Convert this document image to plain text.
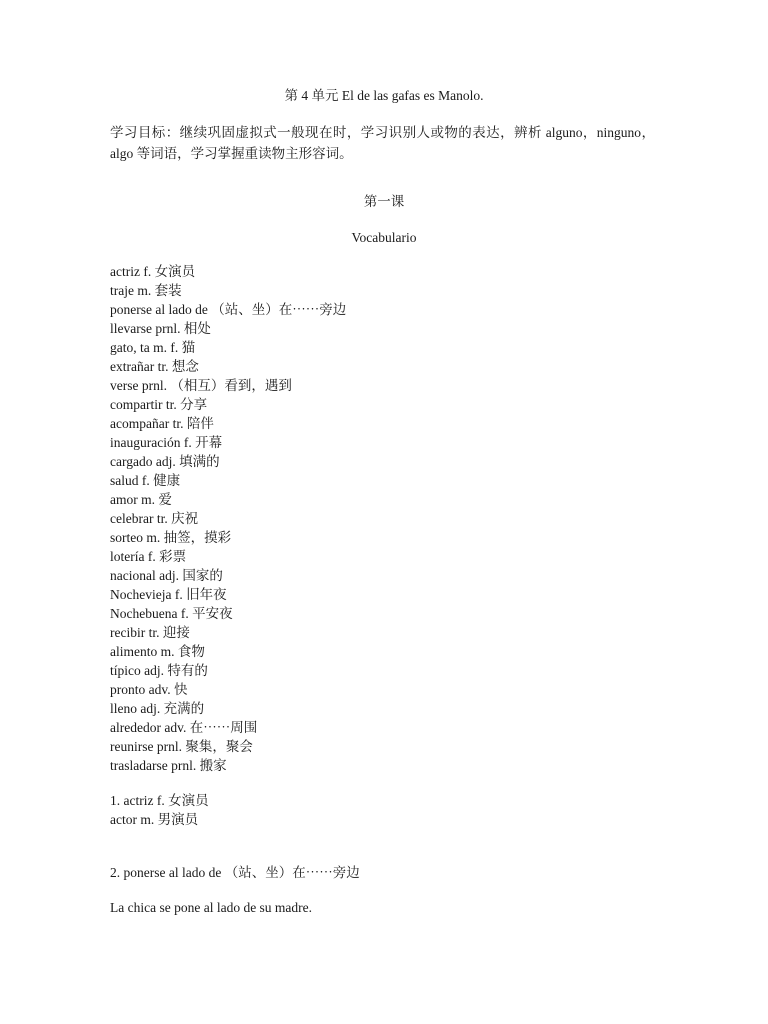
第 4 单元 El de las gafas es Manolo.
学习目标：继续巩固虚拟式一般现在时，学习识别人或物的表达，辨析 alguno，ninguno，algo 等词语，学习掌握重读物主形容词。
第一课
Vocabulario
actriz f. 女演员
traje m. 套装
ponerse al lado de （站、坐）在⋯⋯旁边
llevarse prnl. 相处
gato, ta m. f. 猫
extrañar tr. 想念
verse prnl. （相互）看到，遇到
compartir tr. 分享
acompañar tr. 陪伴
inauguración f. 开幕
cargado adj. 填满的
salud f. 健康
amor m. 爱
celebrar tr. 庆祝
sorteo m. 抽签，摸彩
lotería f. 彩票
nacional adj. 国家的
Nochevieja f. 旧年夜
Nochebuena f. 平安夜
recibir tr. 迎接
alimento m. 食物
típico adj. 特有的
pronto adv. 快
lleno adj. 充满的
alrededor adv. 在⋯⋯周围
reunirse prnl. 聚集，聚会
trasladarse prnl. 搬家
1. actriz f. 女演员
actor m. 男演员
2. ponerse al lado de （站、坐）在⋯⋯旁边
La chica se pone al lado de su madre.
